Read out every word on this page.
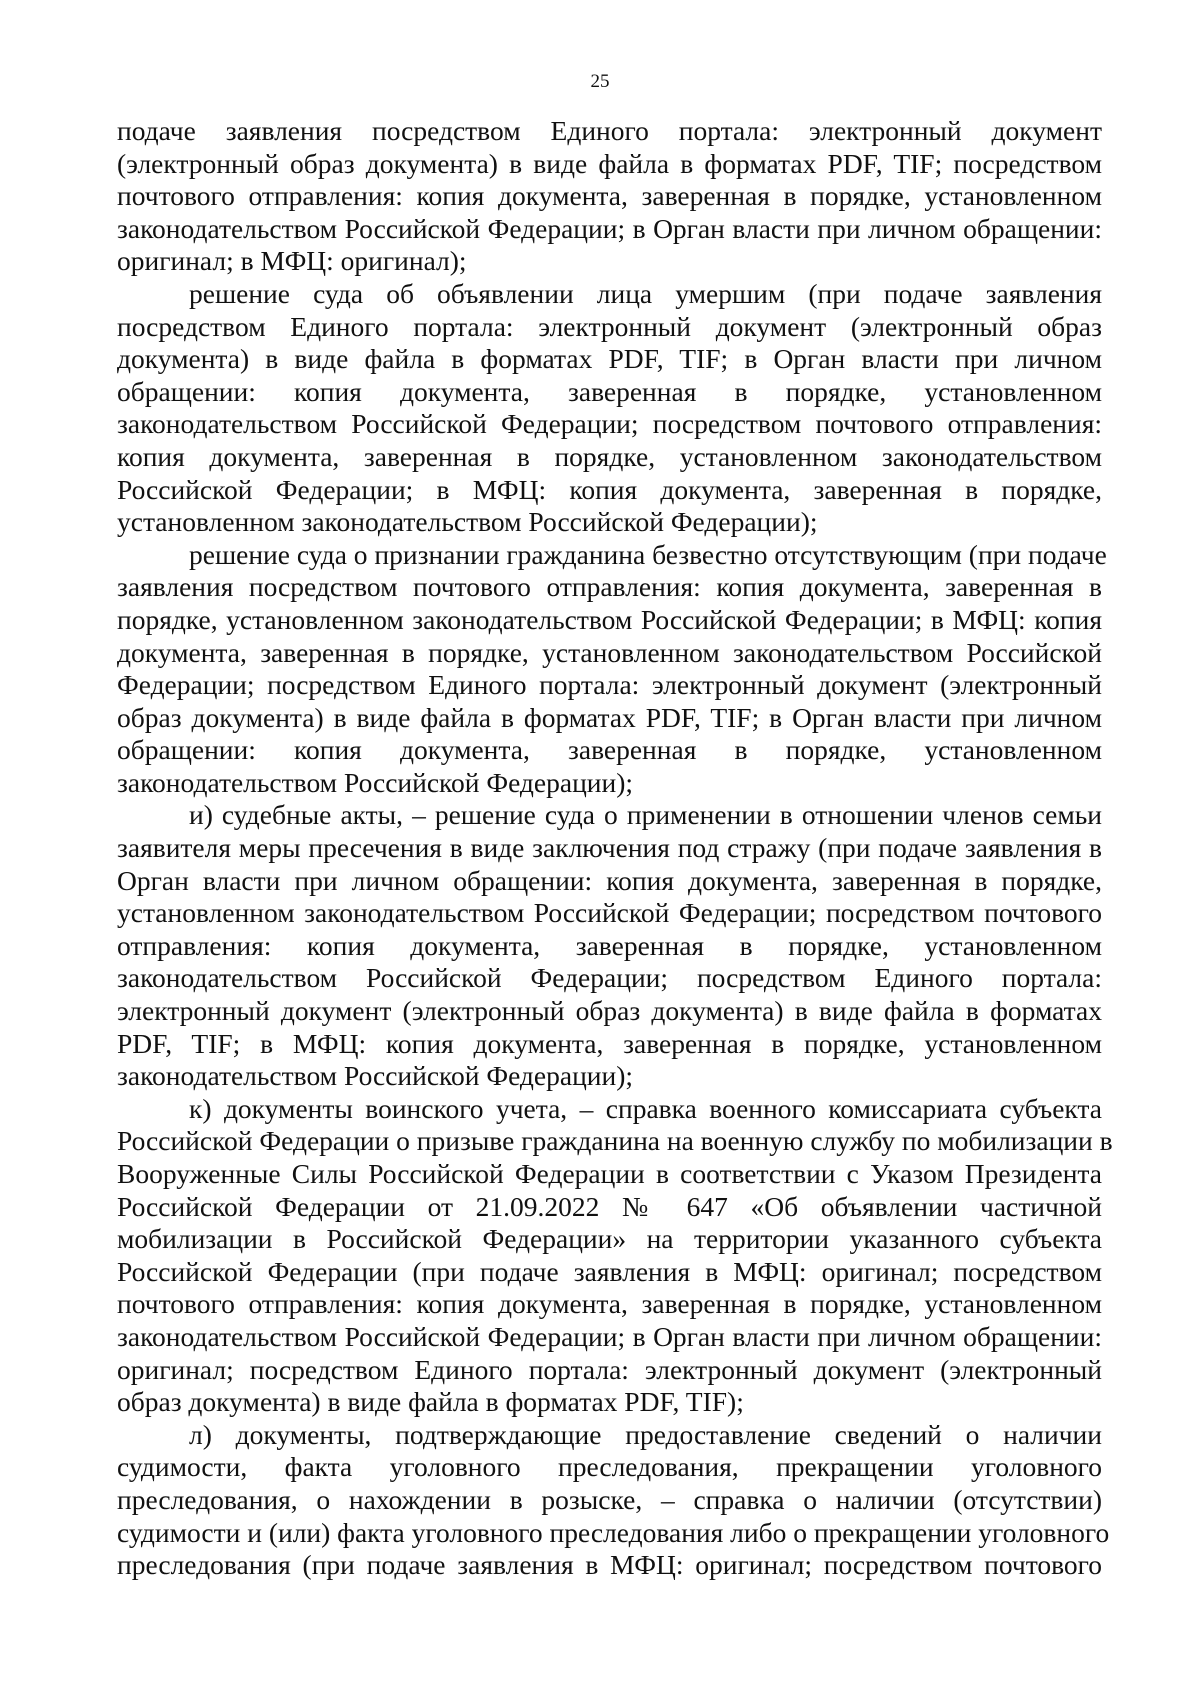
25
подаче заявления посредством Единого портала: электронный документ
(электронный образ документа) в виде файла в форматах PDF, TIF; посредством
почтового отправления: копия документа, заверенная в порядке, установленном
законодательством Российской Федерации; в Орган власти при личном обращении:
оригинал; в МФЦ: оригинал);
решение суда об объявлении лица умершим (при подаче заявления
посредством Единого портала: электронный документ (электронный образ
документа) в виде файла в форматах PDF, TIF; в Орган власти при личном
обращении: копия документа, заверенная в порядке, установленном
законодательством Российской Федерации; посредством почтового отправления:
копия документа, заверенная в порядке, установленном законодательством
Российской Федерации; в МФЦ: копия документа, заверенная в порядке,
установленном законодательством Российской Федерации);
решение суда о признании гражданина безвестно отсутствующим (при подаче
заявления посредством почтового отправления: копия документа, заверенная в
порядке, установленном законодательством Российской Федерации; в МФЦ: копия
документа, заверенная в порядке, установленном законодательством Российской
Федерации; посредством Единого портала: электронный документ (электронный
образ документа) в виде файла в форматах PDF, TIF; в Орган власти при личном
обращении: копия документа, заверенная в порядке, установленном
законодательством Российской Федерации);
и) судебные акты, – решение суда о применении в отношении членов семьи
заявителя меры пресечения в виде заключения под стражу (при подаче заявления в
Орган власти при личном обращении: копия документа, заверенная в порядке,
установленном законодательством Российской Федерации; посредством почтового
отправления: копия документа, заверенная в порядке, установленном
законодательством Российской Федерации; посредством Единого портала:
электронный документ (электронный образ документа) в виде файла в форматах
PDF, TIF; в МФЦ: копия документа, заверенная в порядке, установленном
законодательством Российской Федерации);
к) документы воинского учета, – справка военного комиссариата субъекта
Российской Федерации о призыве гражданина на военную службу по мобилизации в
Вооруженные Силы Российской Федерации в соответствии с Указом Президента
Российской Федерации от 21.09.2022 № 647 «Об объявлении частичной
мобилизации в Российской Федерации» на территории указанного субъекта
Российской Федерации (при подаче заявления в МФЦ: оригинал; посредством
почтового отправления: копия документа, заверенная в порядке, установленном
законодательством Российской Федерации; в Орган власти при личном обращении:
оригинал; посредством Единого портала: электронный документ (электронный
образ документа) в виде файла в форматах PDF, TIF);
л) документы, подтверждающие предоставление сведений о наличии
судимости, факта уголовного преследования, прекращении уголовного
преследования, о нахождении в розыске, – справка о наличии (отсутствии)
судимости и (или) факта уголовного преследования либо о прекращении уголовного
преследования (при подаче заявления в МФЦ: оригинал; посредством почтового
